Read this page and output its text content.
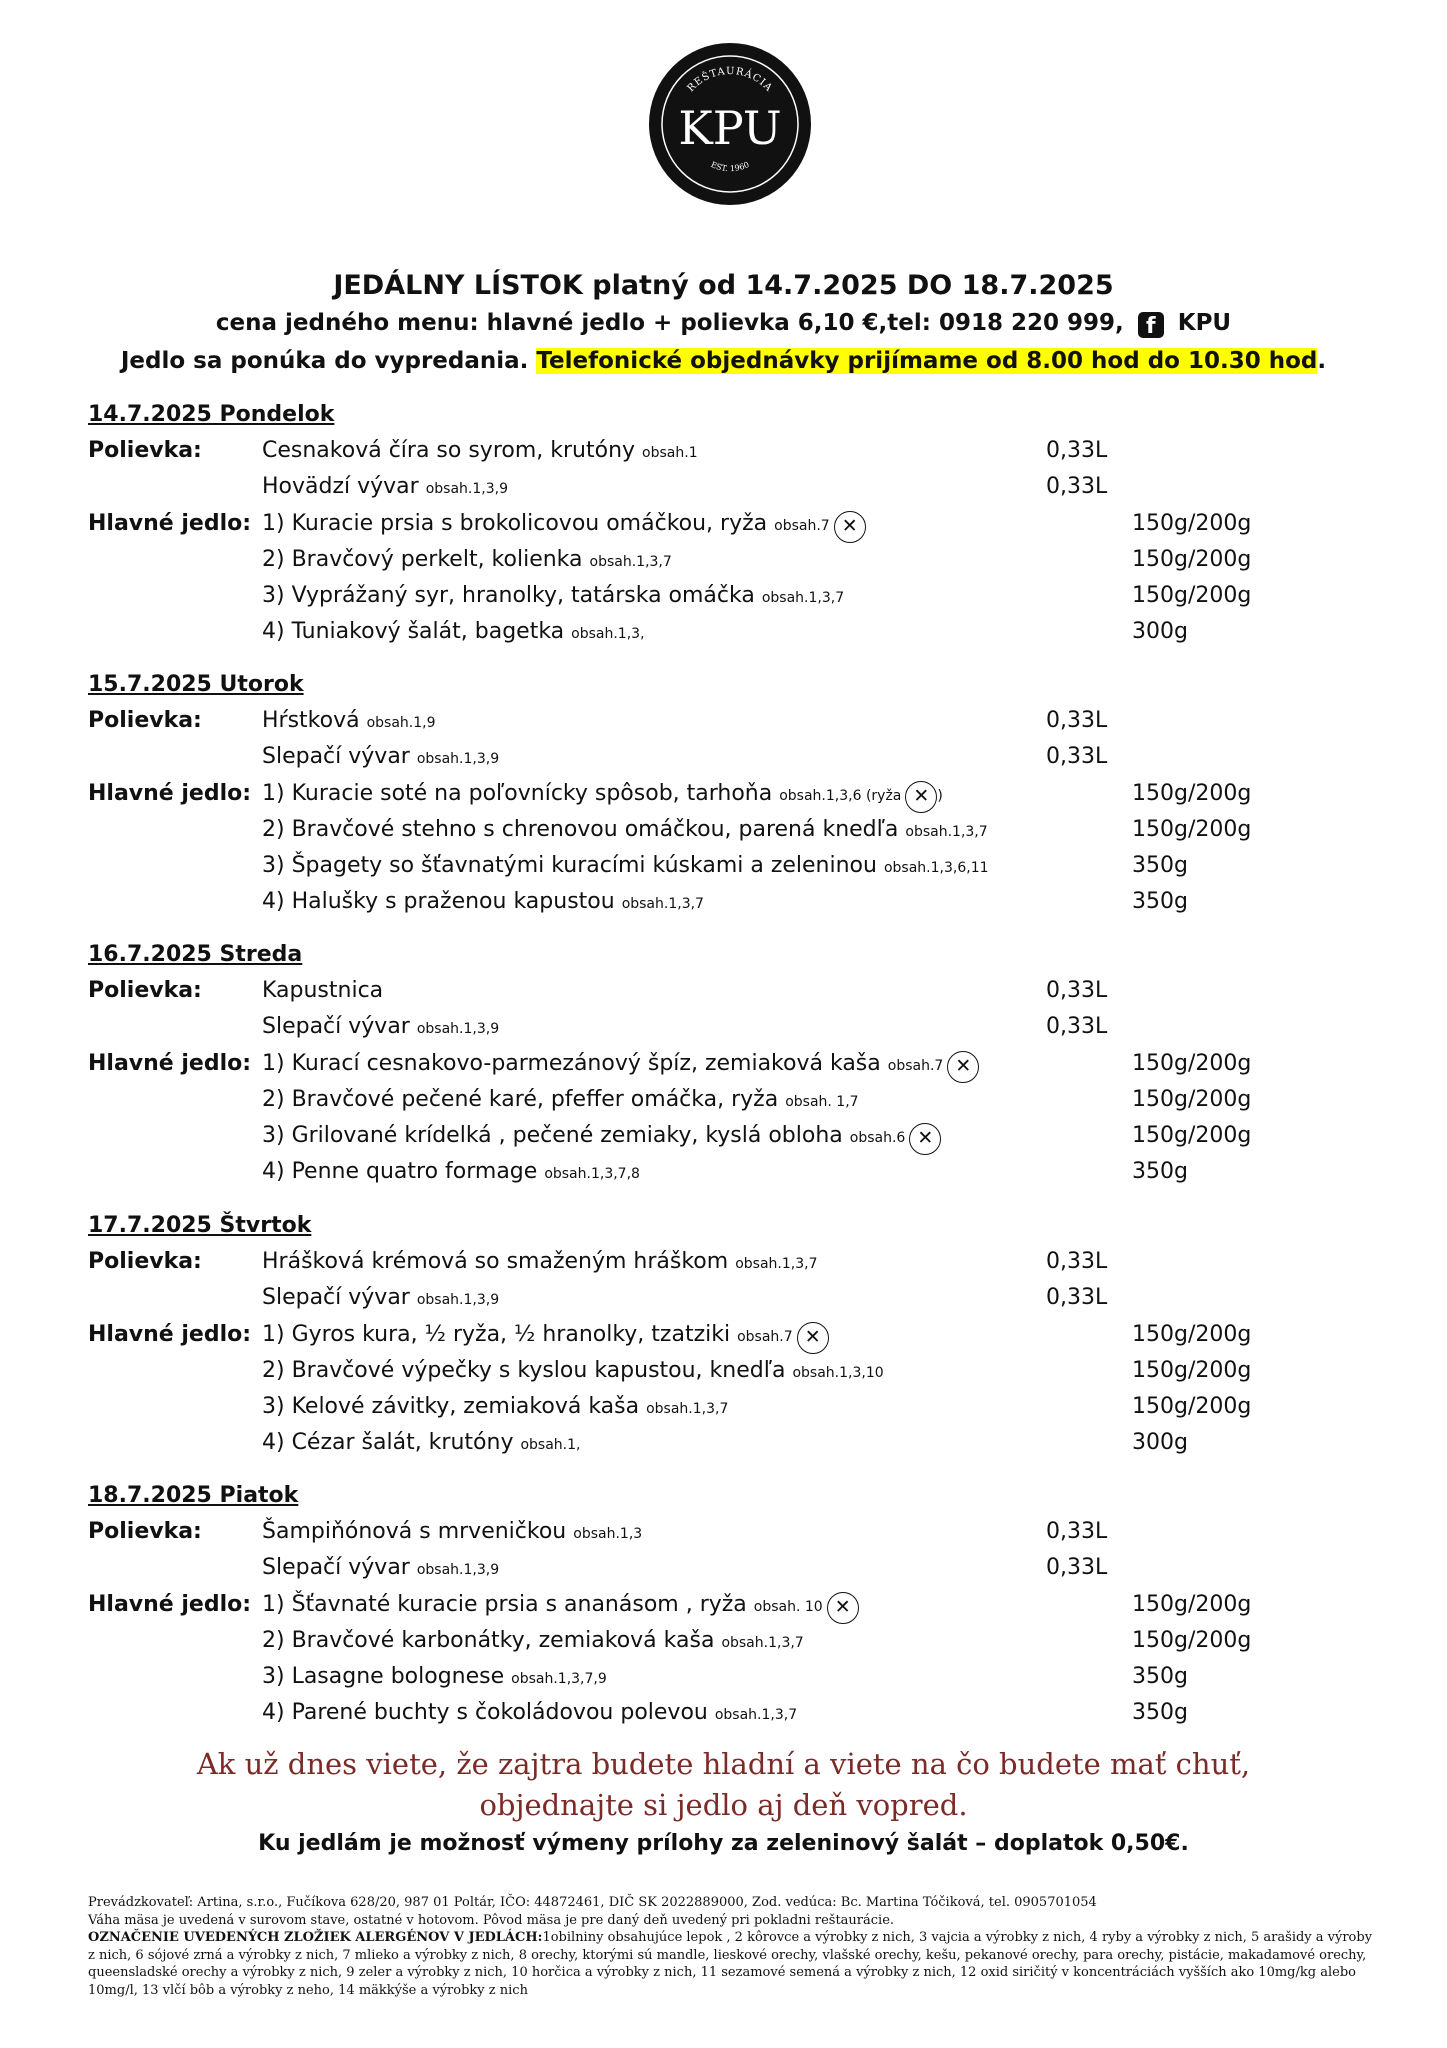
REŠTAURÁCIA
KPU
EST. 1960
JEDÁLNY LÍSTOK platný od 14.7.2025 DO 18.7.2025
cena jedného menu: hlavné jedlo + polievka 6,10 €,tel: 0918 220 999, f KPU
Jedlo sa ponúka do vypredania. Telefonické objednávky prijímame od 8.00 hod do 10.30 hod.
14.7.2025 Pondelok
Polievka:	Cesnaková číra so syrom, krutóny obsah.1	0,33L
Hovädzí vývar obsah.1,3,9	0,33L
Hlavné jedlo: 1) Kuracie prsia s brokolicovou omáčkou, ryža obsah.7 ✕	150g/200g
2) Bravčový perkelt, kolienka obsah.1,3,7	150g/200g
3) Vyprážaný syr, hranolky, tatárska omáčka obsah.1,3,7	150g/200g
4) Tuniakový šalát, bagetka obsah.1,3,	300g
15.7.2025 Utorok
Polievka:	Hŕstková obsah.1,9	0,33L
Slepačí vývar obsah.1,3,9	0,33L
Hlavné jedlo: 1) Kuracie soté na poľovnícky spôsob, tarhoňa obsah.1,3,6 (ryža ✕ )	150g/200g
2) Bravčové stehno s chrenovou omáčkou, parená knedľa obsah.1,3,7	150g/200g
3) Špagety so šťavnatými kuracími kúskami a zeleninou obsah.1,3,6,11	350g
4) Halušky s praženou kapustou obsah.1,3,7	350g
16.7.2025 Streda
Polievka:	Kapustnica	0,33L
Slepačí vývar obsah.1,3,9	0,33L
Hlavné jedlo: 1) Kurací cesnakovo-parmezánový špíz, zemiaková kaša obsah.7 ✕	150g/200g
2) Bravčové pečené karé, pfeffer omáčka, ryža obsah. 1,7	150g/200g
3) Grilované krídelká , pečené zemiaky, kyslá obloha obsah.6 ✕	150g/200g
4) Penne quatro formage obsah.1,3,7,8	350g
17.7.2025 Štvrtok
Polievka:	Hrášková krémová so smaženým hráškom obsah.1,3,7	0,33L
Slepačí vývar obsah.1,3,9	0,33L
Hlavné jedlo: 1) Gyros kura, ½ ryža, ½ hranolky, tzatziki obsah.7 ✕	150g/200g
2) Bravčové výpečky s kyslou kapustou, knedľa obsah.1,3,10	150g/200g
3) Kelové závitky, zemiaková kaša obsah.1,3,7	150g/200g
4) Cézar šalát, krutóny obsah.1,	300g
18.7.2025 Piatok
Polievka:	Šampiňónová s mrveničkou obsah.1,3	0,33L
Slepačí vývar obsah.1,3,9	0,33L
Hlavné jedlo: 1) Šťavnaté kuracie prsia s ananásom , ryža obsah. 10 ✕	150g/200g
2) Bravčové karbonátky, zemiaková kaša obsah.1,3,7	150g/200g
3) Lasagne bolognese obsah.1,3,7,9	350g
4) Parené buchty s čokoládovou polevou obsah.1,3,7	350g
Ak už dnes viete, že zajtra budete hladní a viete na čo budete mať chuť,
objednajte si jedlo aj deň vopred.
Ku jedlám je možnosť výmeny prílohy za zeleninový šalát – doplatok 0,50€.

Prevádzkovateľ: Artina, s.r.o., Fučíkova 628/20, 987 01 Poltár, IČO: 44872461, DIČ SK 2022889000, Zod. vedúca: Bc. Martina Tóčiková, tel. 0905701054

Váha mäsa je uvedená v surovom stave, ostatné v hotovom. Pôvod mäsa je pre daný deň uvedený pri pokladni reštaurácie.

OZNAČENIE UVEDENÝCH ZLOŽIEK ALERGÉNOV V JEDLÁCH:1obilniny obsahujúce lepok , 2 kôrovce a výrobky z nich, 3 vajcia a výrobky z nich, 4 ryby a výrobky z nich, 5 arašidy a výroby z nich, 6 sójové zrná a výrobky z nich, 7 mlieko a výrobky z nich, 8 orechy, ktorými sú mandle, lieskové orechy, vlašské orechy, kešu, pekanové orechy, para orechy, pistácie, makadamové orechy, queensladské orechy a výrobky z nich, 9 zeler a výrobky z nich, 10 horčica a výrobky z nich, 11 sezamové semená a výrobky z nich, 12 oxid siričitý v koncentráciách vyšších ako 10mg/kg alebo 10mg/l, 13 vlčí bôb a výrobky z neho, 14 mäkkýše a výrobky z nich
